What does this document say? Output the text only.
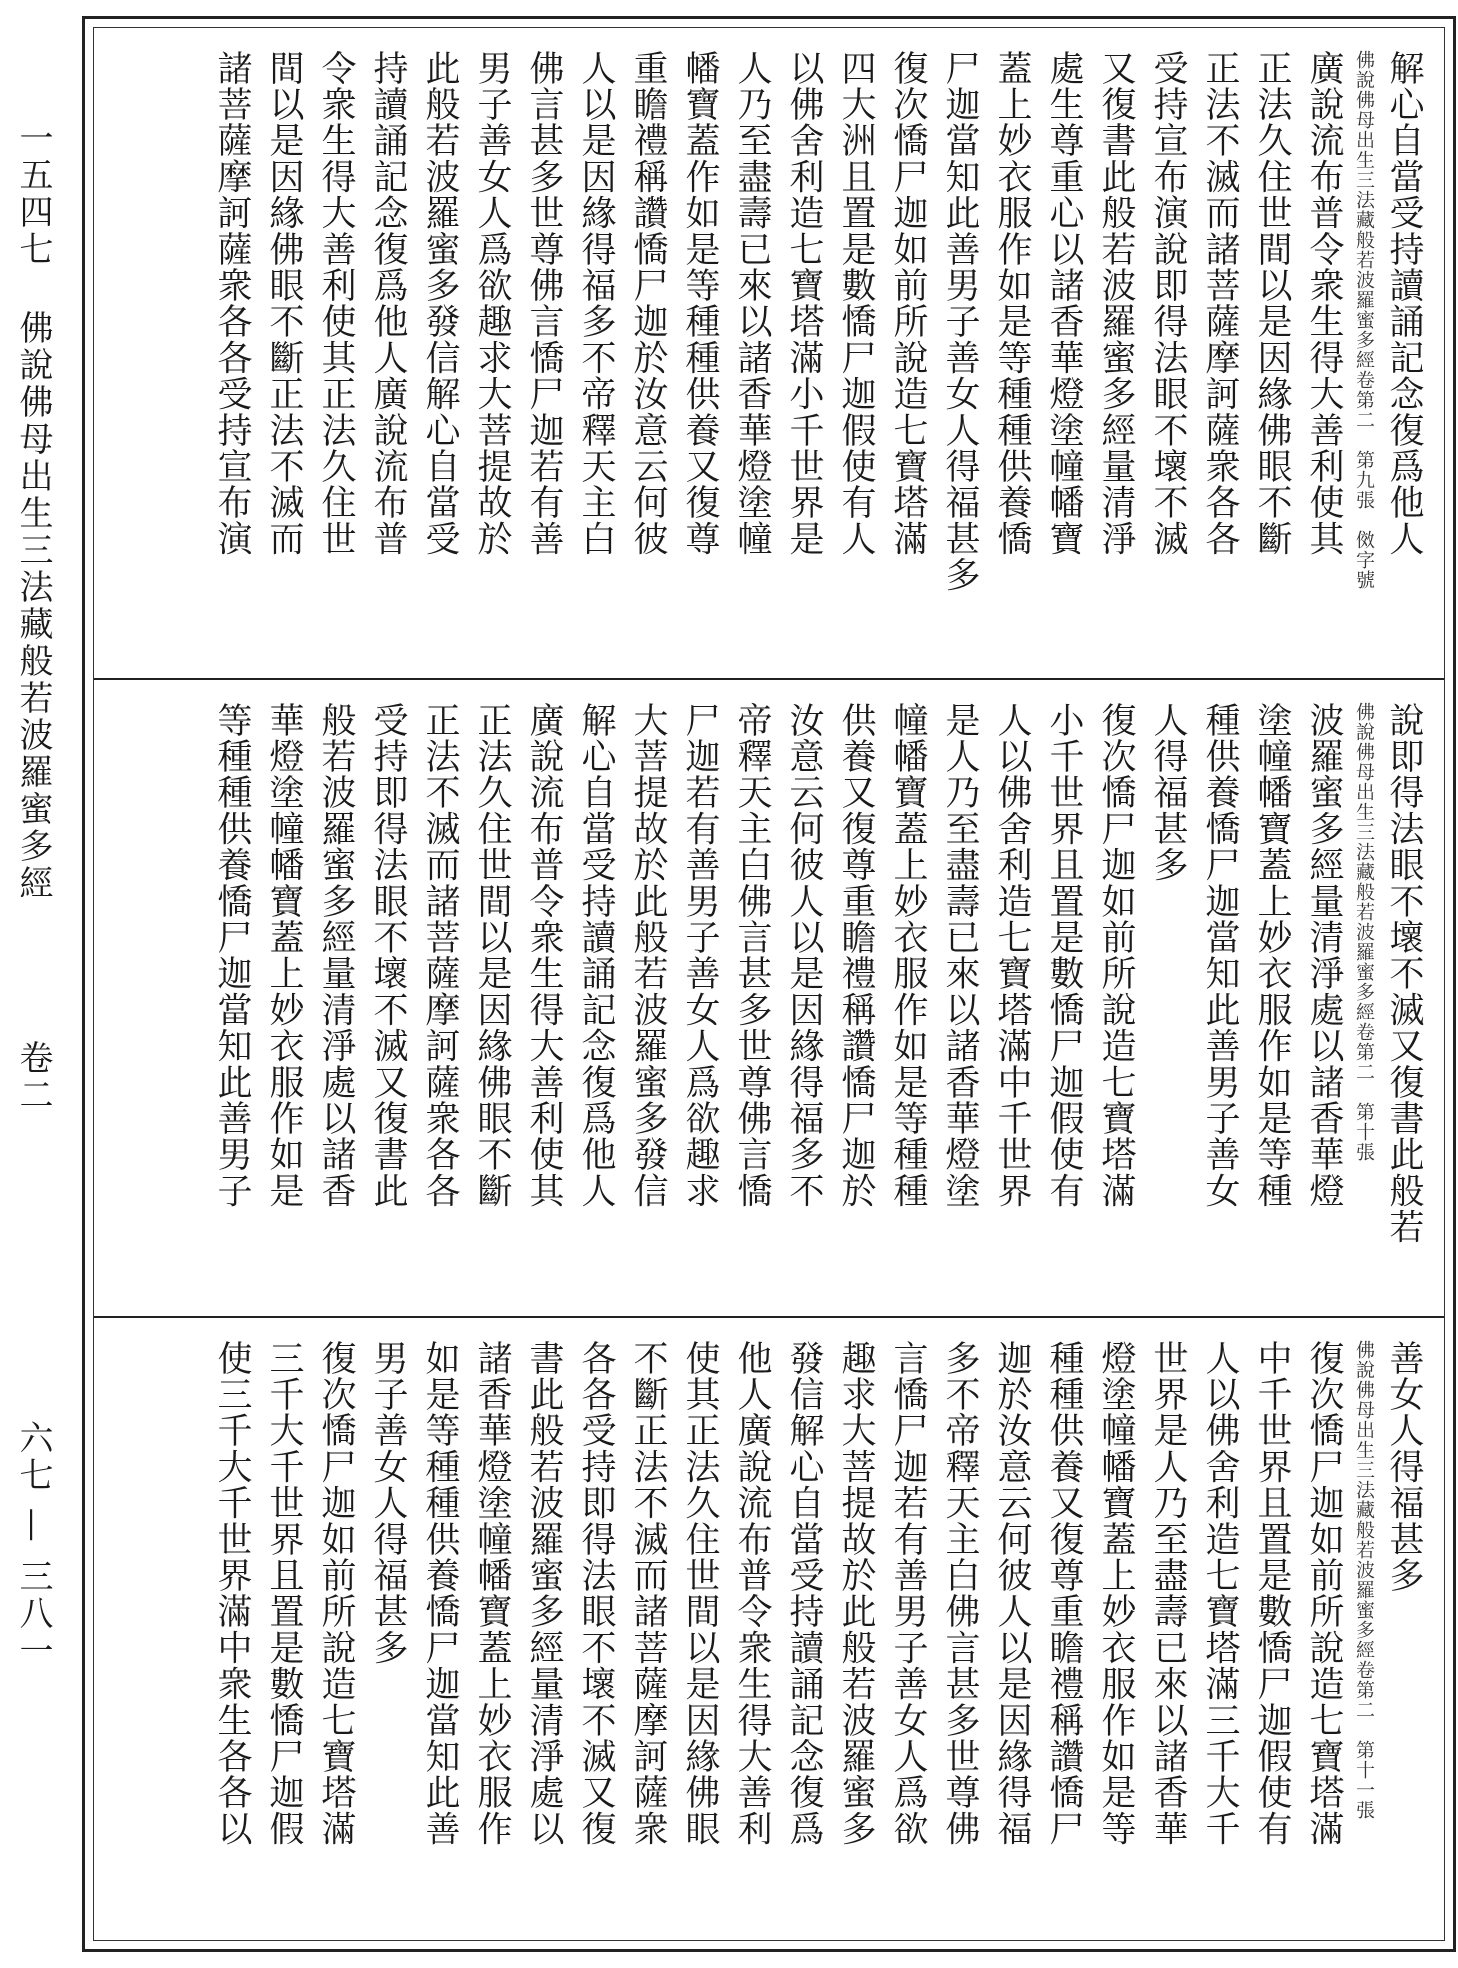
一五四七
佛說佛母出生三法藏般若波羅蜜多經
卷二
六七 — 三八一
解心自當受持讀誦記念復爲他人
佛說佛母出生三法藏般若波羅蜜多經卷第二　第九張　傚字號
廣說流布普令衆生得大善利使其
正法久住世間以是因緣佛眼不斷
正法不滅而諸菩薩摩訶薩衆各各
受持宣布演說即得法眼不壞不滅
又復書此般若波羅蜜多經量清淨
處生尊重心以諸香華燈塗幢幡寶
蓋上妙衣服作如是等種種供養憍
尸迦當知此善男子善女人得福甚多
復次憍尸迦如前所說造七寶塔滿
四大洲且置是數憍尸迦假使有人
以佛舍利造七寶塔滿小千世界是
人乃至盡壽已來以諸香華燈塗幢
幡寶蓋作如是等種種供養又復尊
重瞻禮稱讚憍尸迦於汝意云何彼
人以是因緣得福多不帝釋天主白
佛言甚多世尊佛言憍尸迦若有善
男子善女人爲欲趣求大菩提故於
此般若波羅蜜多發信解心自當受
持讀誦記念復爲他人廣說流布普
令衆生得大善利使其正法久住世
間以是因緣佛眼不斷正法不滅而
諸菩薩摩訶薩衆各各受持宣布演
說即得法眼不壞不滅又復書此般若
佛說佛母出生三法藏般若波羅蜜多經卷第二　第十張
波羅蜜多經量清淨處以諸香華燈
塗幢幡寶蓋上妙衣服作如是等種
種供養憍尸迦當知此善男子善女
人得福甚多
復次憍尸迦如前所說造七寶塔滿
小千世界且置是數憍尸迦假使有
人以佛舍利造七寶塔滿中千世界
是人乃至盡壽已來以諸香華燈塗
幢幡寶蓋上妙衣服作如是等種種
供養又復尊重瞻禮稱讚憍尸迦於
汝意云何彼人以是因緣得福多不
帝釋天主白佛言甚多世尊佛言憍
尸迦若有善男子善女人爲欲趣求
大菩提故於此般若波羅蜜多發信
解心自當受持讀誦記念復爲他人
廣說流布普令衆生得大善利使其
正法久住世間以是因緣佛眼不斷
正法不滅而諸菩薩摩訶薩衆各各
受持即得法眼不壞不滅又復書此
般若波羅蜜多經量清淨處以諸香
華燈塗幢幡寶蓋上妙衣服作如是
等種種供養憍尸迦當知此善男子
善女人得福甚多
佛說佛母出生三法藏般若波羅蜜多經卷第二　第十一張
復次憍尸迦如前所說造七寶塔滿
中千世界且置是數憍尸迦假使有
人以佛舍利造七寶塔滿三千大千
世界是人乃至盡壽已來以諸香華
燈塗幢幡寶蓋上妙衣服作如是等
種種供養又復尊重瞻禮稱讚憍尸
迦於汝意云何彼人以是因緣得福
多不帝釋天主白佛言甚多世尊佛
言憍尸迦若有善男子善女人爲欲
趣求大菩提故於此般若波羅蜜多
發信解心自當受持讀誦記念復爲
他人廣說流布普令衆生得大善利
使其正法久住世間以是因緣佛眼
不斷正法不滅而諸菩薩摩訶薩衆
各各受持即得法眼不壞不滅又復
書此般若波羅蜜多經量清淨處以
諸香華燈塗幢幡寶蓋上妙衣服作
如是等種種供養憍尸迦當知此善
男子善女人得福甚多
復次憍尸迦如前所說造七寶塔滿
三千大千世界且置是數憍尸迦假
使三千大千世界滿中衆生各各以
